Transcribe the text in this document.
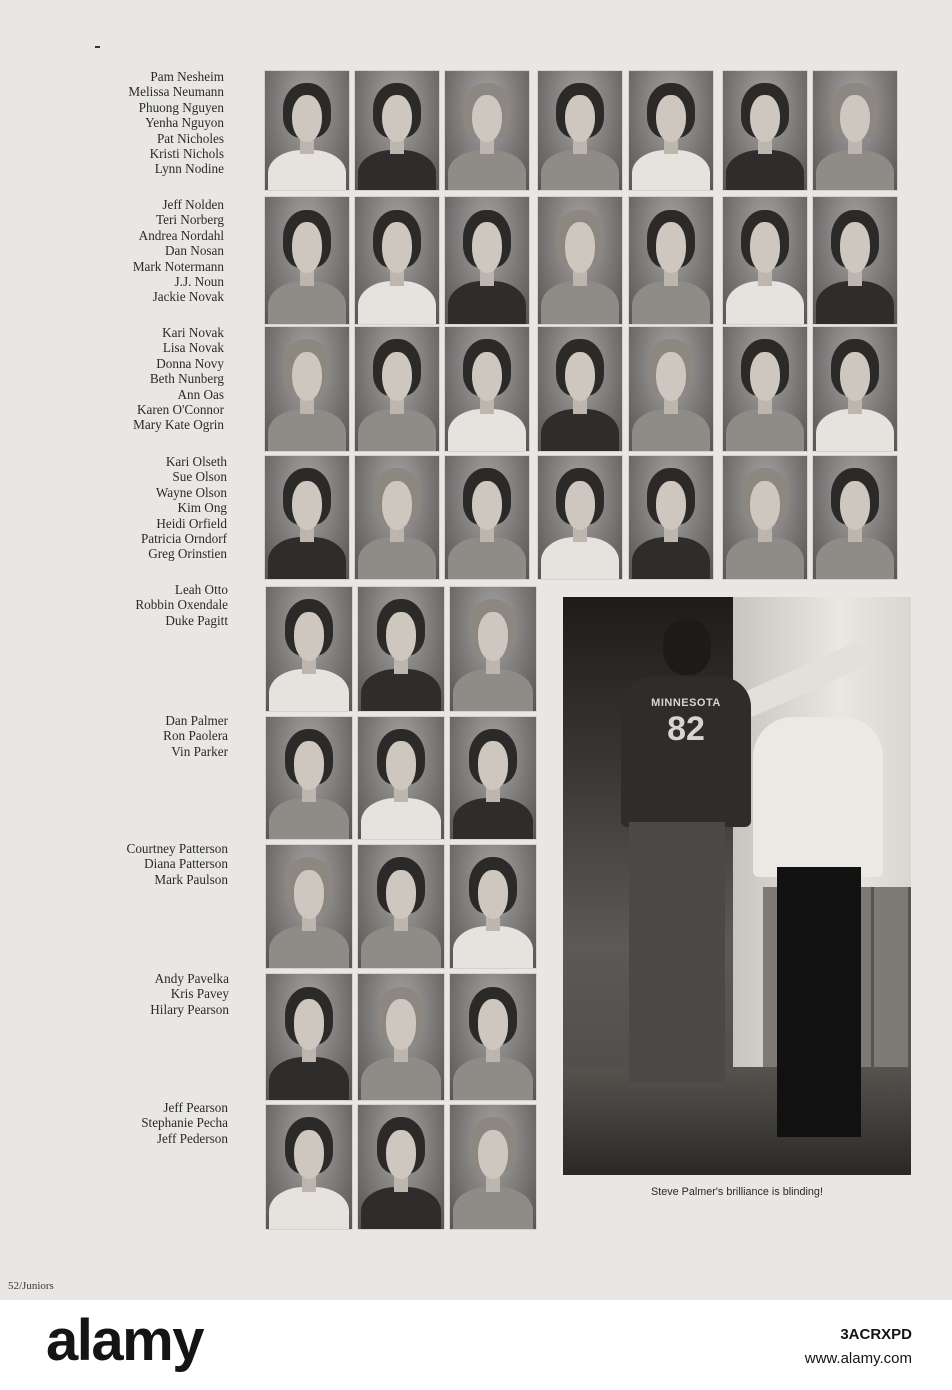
Pam Nesheim
Melissa Neumann
Phuong Nguyen
Yenha Nguyon
Pat Nicholes
Kristi Nichols
Lynn Nodine
Jeff Nolden
Teri Norberg
Andrea Nordahl
Dan Nosan
Mark Notermann
J.J. Noun
Jackie Novak
Kari Novak
Lisa Novak
Donna Novy
Beth Nunberg
Ann Oas
Karen O'Connor
Mary Kate Ogrin
Kari Olseth
Sue Olson
Wayne Olson
Kim Ong
Heidi Orfield
Patricia Orndorf
Greg Orinstien
Leah Otto
Robbin Oxendale
Duke Pagitt
Dan Palmer
Ron Paolera
Vin Parker
Courtney Patterson
Diana Patterson
Mark Paulson
Andy Pavelka
Kris Pavey
Hilary Pearson
Jeff Pearson
Stephanie Pecha
Jeff Pederson
MINNESOTA
82
Steve Palmer's brilliance is blinding!
52/Juniors
alamy	3ACRXPD
www.alamy.com
